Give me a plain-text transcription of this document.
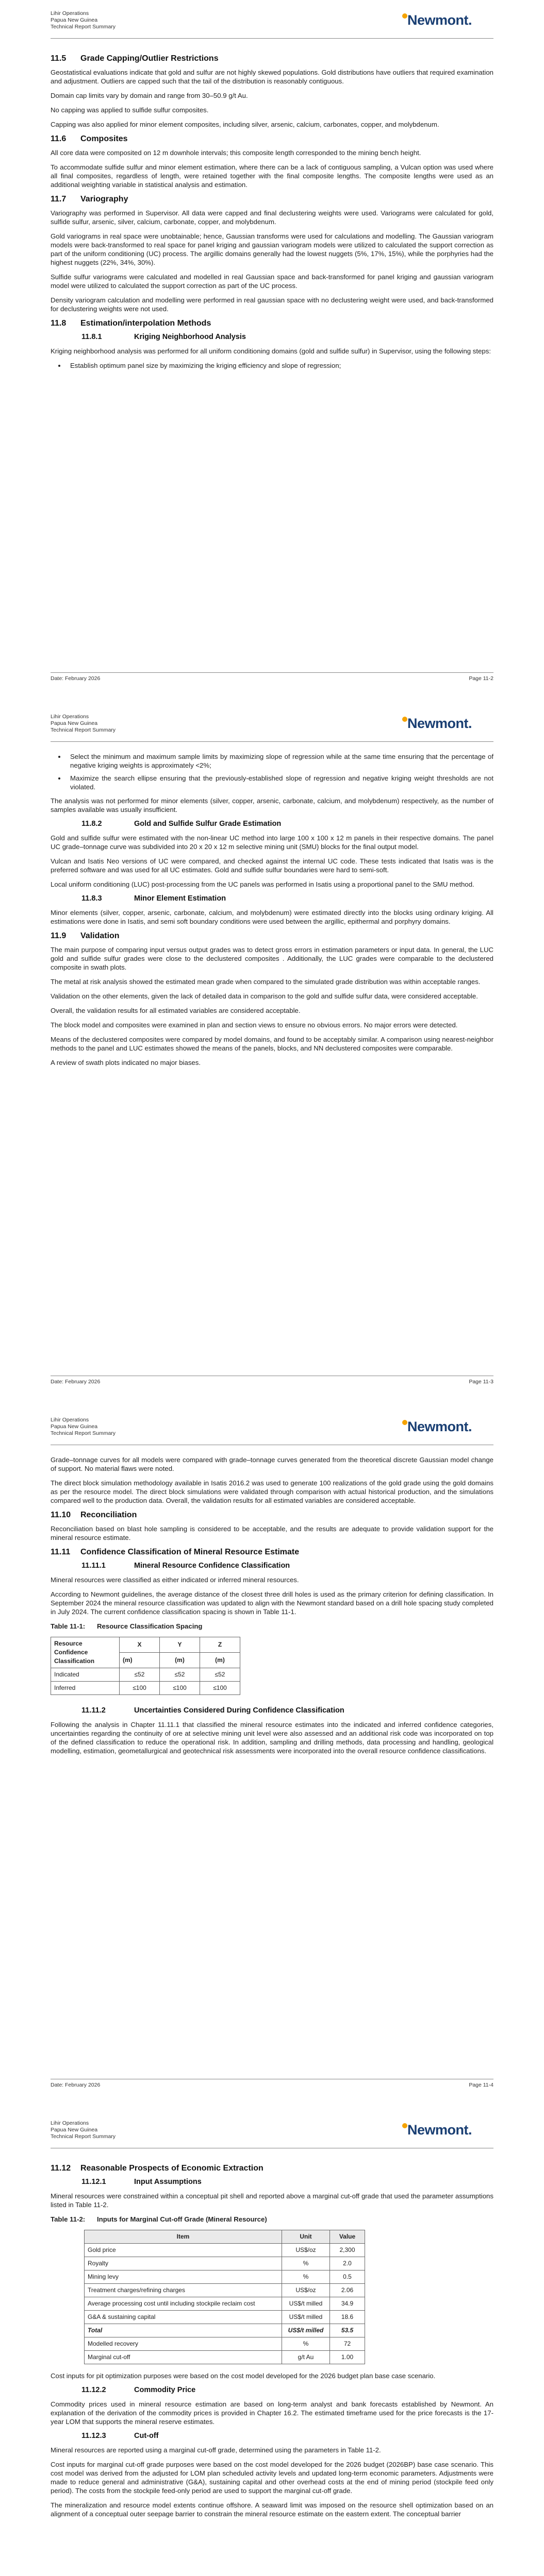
Lihir Operations
Papua New Guinea
Technical Report Summary	Newmont.
11.5 Grade Capping/Outlier Restrictions

Geostatistical evaluations indicate that gold and sulfur are not highly skewed populations. Gold distributions have outliers that required examination and adjustment. Outliers are capped such that the tail of the distribution is reasonably contiguous.

Domain cap limits vary by domain and range from 30–50.9 g/t Au.

No capping was applied to sulfide sulfur composites.

Capping was also applied for minor element composites, including silver, arsenic, calcium, carbonates, copper, and molybdenum.

11.6 Composites

All core data were composited on 12 m downhole intervals; this composite length corresponded to the mining bench height.

To accommodate sulfide sulfur and minor element estimation, where there can be a lack of contiguous sampling, a Vulcan option was used where all final composites, regardless of length, were retained together with the final composite lengths. The composite lengths were used as an additional weighting variable in statistical analysis and estimation.

11.7 Variography

Variography was performed in Supervisor. All data were capped and final declustering weights were used. Variograms were calculated for gold, sulfide sulfur, arsenic, silver, calcium, carbonate, copper, and molybdenum.

Gold variograms in real space were unobtainable; hence, Gaussian transforms were used for calculations and modelling. The Gaussian variogram models were back-transformed to real space for panel kriging and gaussian variogram models were utilized to calculated the support correction as part of the uniform conditioning (UC) process. The argillic domains generally had the lowest nuggets (5%, 17%, 15%), while the porphyries had the highest nuggets (22%, 34%, 30%).

Sulfide sulfur variograms were calculated and modelled in real Gaussian space and back-transformed for panel kriging and gaussian variogram model were utilized to calculated the support correction as part of the UC process.

Density variogram calculation and modelling were performed in real gaussian space with no declustering weight were used, and back-transformed for declustering weights were not used.

11.8 Estimation/interpolation Methods
11.8.1	Kriging Neighborhood Analysis

Kriging neighborhood analysis was performed for all uniform conditioning domains (gold and sulfide sulfur) in Supervisor, using the following steps:

• Establish optimum panel size by maximizing the kriging efficiency and slope of regression;
Date: February 2026	Page 11-2
Lihir Operations
Papua New Guinea
Technical Report Summary	Newmont.
• Select the minimum and maximum sample limits by maximizing slope of regression while at the same time ensuring that the percentage of negative kriging weights is approximately <2%;
• Maximize the search ellipse ensuring that the previously-established slope of regression and negative kriging weight thresholds are not violated.

The analysis was not performed for minor elements (silver, copper, arsenic, carbonate, calcium, and molybdenum) respectively, as the number of samples available was usually insufficient.

11.8.2	Gold and Sulfide Sulfur Grade Estimation

Gold and sulfide sulfur were estimated with the non-linear UC method into large 100 x 100 x 12 m panels in their respective domains. The panel UC grade–tonnage curve was subdivided into 20 x 20 x 12 m selective mining unit (SMU) blocks for the final output model.

Vulcan and Isatis Neo versions of UC were compared, and checked against the internal UC code. These tests indicated that Isatis was is the preferred software and was used for all UC estimates. Gold and sulfide sulfur boundaries were hard to semi-soft.

Local uniform conditioning (LUC) post-processing from the UC panels was performed in Isatis using a proportional panel to the SMU method.

11.8.3	Minor Element Estimation

Minor elements (silver, copper, arsenic, carbonate, calcium, and molybdenum) were estimated directly into the blocks using ordinary kriging. All estimations were done in Isatis, and semi soft boundary conditions were used between the argillic, epithermal and porphyry domains.

11.9 Validation

The main purpose of comparing input versus output grades was to detect gross errors in estimation parameters or input data. In general, the LUC gold and sulfide sulfur grades were close to the declustered composites . Additionally, the LUC grades were comparable to the declustered composite in swath plots.

The metal at risk analysis showed the estimated mean grade when compared to the simulated grade distribution was within acceptable ranges.

Validation on the other elements, given the lack of detailed data in comparison to the gold and sulfide sulfur data, were considered acceptable.

Overall, the validation results for all estimated variables are considered acceptable.

The block model and composites were examined in plan and section views to ensure no obvious errors. No major errors were detected.

Means of the declustered composites were compared by model domains, and found to be acceptably similar. A comparison using nearest-neighbor methods to the panel and LUC estimates showed the means of the panels, blocks, and NN declustered composites were comparable.

A review of swath plots indicated no major biases.

Date: February 2026	Page 11-3
Lihir Operations
Papua New Guinea
Technical Report Summary	Newmont.

Grade–tonnage curves for all models were compared with grade–tonnage curves generated from the theoretical discrete Gaussian model change of support. No material flaws were noted.

The direct block simulation methodology available in Isatis 2016.2 was used to generate 100 realizations of the gold grade using the gold domains as per the resource model. The direct block simulations were validated through comparison with actual historical production, and the simulations compared well to the production data. Overall, the validation results for all estimated variables are considered acceptable.

11.10 Reconciliation

Reconciliation based on blast hole sampling is considered to be acceptable, and the results are adequate to provide validation support for the mineral resource estimate.

11.11 Confidence Classification of Mineral Resource Estimate
11.11.1	Mineral Resource Confidence Classification

Mineral resources were classified as either indicated or inferred mineral resources.

According to Newmont guidelines, the average distance of the closest three drill holes is used as the primary criterion for defining classification. In September 2024 the mineral resource classification was updated to align with the Newmont standard based on a drill hole spacing study completed in July 2024. The current confidence classification spacing is shown in Table 11-1.

Table 11-1: Resource Classification Spacing
Resource Confidence Classification	X	Y	Z
	(m)	(m)	(m)
Indicated	≤52	≤52	≤52
Inferred	≤100	≤100	≤100
11.11.2	Uncertainties Considered During Confidence Classification

Following the analysis in Chapter 11.11.1 that classified the mineral resource estimates into the indicated and inferred confidence categories, uncertainties regarding the continuity of ore at selective mining unit level were also assessed and an additional risk code was incorporated on top of the defined classification to reduce the operational risk. In addition, sampling and drilling methods, data processing and handling, geological modelling, estimation, geometallurgical and geotechnical risk assessments were incorporated into the overall resource confidence classifications.

Date: February 2026	Page 11-4
Lihir Operations
Papua New Guinea
Technical Report Summary	Newmont.
11.12 Reasonable Prospects of Economic Extraction
11.12.1	Input Assumptions

Mineral resources were constrained within a conceptual pit shell and reported above a marginal cut-off grade that used the parameter assumptions listed in Table 11-2.

Table 11-2: Inputs for Marginal Cut-off Grade (Mineral Resource)
Item	Unit	Value
Gold price	US$/oz	2,300
Royalty	%	2.0
Mining levy	%	0.5
Treatment charges/refining charges	US$/oz	2.06
Average processing cost until including stockpile reclaim cost	US$/t milled	34.9
G&A & sustaining capital	US$/t milled	18.6
Total	US$/t milled	53.5
Modelled recovery	%	72
Marginal cut-off	g/t Au	1.00

Cost inputs for pit optimization purposes were based on the cost model developed for the 2026 budget plan base case scenario.

11.12.2	Commodity Price

Commodity prices used in mineral resource estimation are based on long-term analyst and bank forecasts established by Newmont. An explanation of the derivation of the commodity prices is provided in Chapter 16.2. The estimated timeframe used for the price forecasts is the 17-year LOM that supports the mineral reserve estimates.

11.12.3	Cut-off

Mineral resources are reported using a marginal cut-off grade, determined using the parameters in Table 11-2.

Cost inputs for marginal cut-off grade purposes were based on the cost model developed for the 2026 budget (2026BP) base case scenario. This cost model was derived from the adjusted for LOM plan scheduled activity levels and updated long-term economic parameters. Adjustments were made to reduce general and administrative (G&A), sustaining capital and other overhead costs at the end of mining period (stockpile feed only period). The costs from the stockpile feed-only period are used to support the marginal cut-off grade.

The mineralization and resource model extents continue offshore. A seaward limit was imposed on the resource shell optimization based on an alignment of a conceptual outer seepage barrier to constrain the mineral resource estimate on the eastern extent. The conceptual barrier
